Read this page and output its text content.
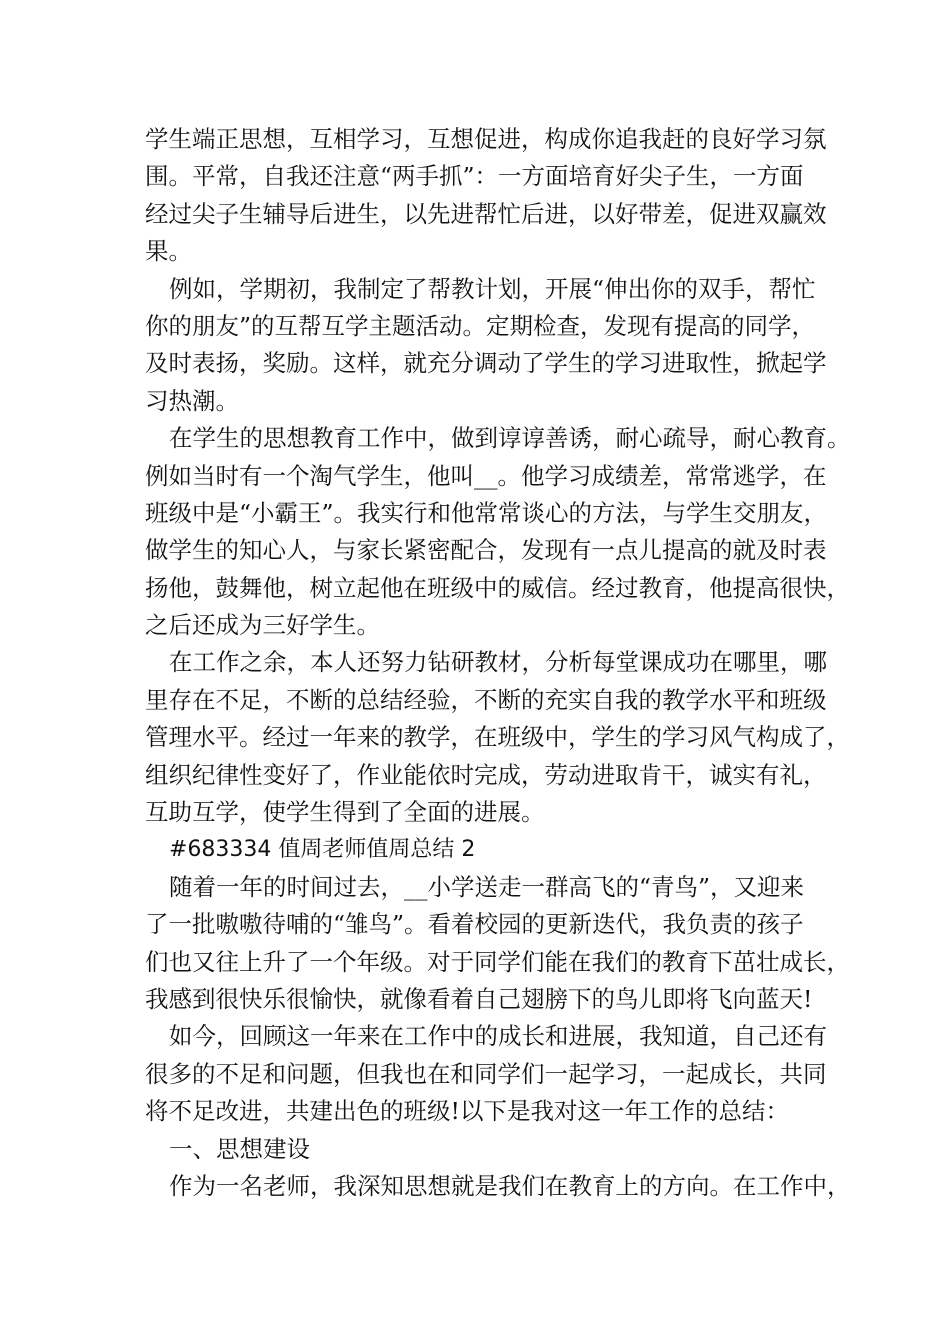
学生端正思想，互相学习，互想促进，构成你追我赶的良好学习氛
围。平常，自我还注意“两手抓”：一方面培育好尖子生，一方面
经过尖子生辅导后进生，以先进帮忙后进，以好带差，促进双赢效
果。
例如，学期初，我制定了帮教计划，开展“伸出你的双手，帮忙
你的朋友”的互帮互学主题活动。定期检查，发现有提高的同学，
及时表扬，奖励。这样，就充分调动了学生的学习进取性，掀起学
习热潮。
在学生的思想教育工作中，做到谆谆善诱，耐心疏导，耐心教育。
例如当时有一个淘气学生，他叫__。他学习成绩差，常常逃学，在
班级中是“小霸王”。我实行和他常常谈心的方法，与学生交朋友，
做学生的知心人，与家长紧密配合，发现有一点儿提高的就及时表
扬他，鼓舞他，树立起他在班级中的威信。经过教育，他提高很快，
之后还成为三好学生。
在工作之余，本人还努力钻研教材，分析每堂课成功在哪里，哪
里存在不足，不断的总结经验，不断的充实自我的教学水平和班级
管理水平。经过一年来的教学，在班级中，学生的学习风气构成了，
组织纪律性变好了，作业能依时完成，劳动进取肯干，诚实有礼，
互助互学，使学生得到了全面的进展。
#683334 值周老师值周总结 2
随着一年的时间过去，__小学送走一群高飞的“青鸟”，又迎来
了一批嗷嗷待哺的“雏鸟”。看着校园的更新迭代，我负责的孩子
们也又往上升了一个年级。对于同学们能在我们的教育下茁壮成长，
我感到很快乐很愉快，就像看着自己翅膀下的鸟儿即将飞向蓝天!
如今，回顾这一年来在工作中的成长和进展，我知道，自己还有
很多的不足和问题，但我也在和同学们一起学习，一起成长，共同
将不足改进，共建出色的班级!以下是我对这一年工作的总结：
一、思想建设
作为一名老师，我深知思想就是我们在教育上的方向。在工作中，
